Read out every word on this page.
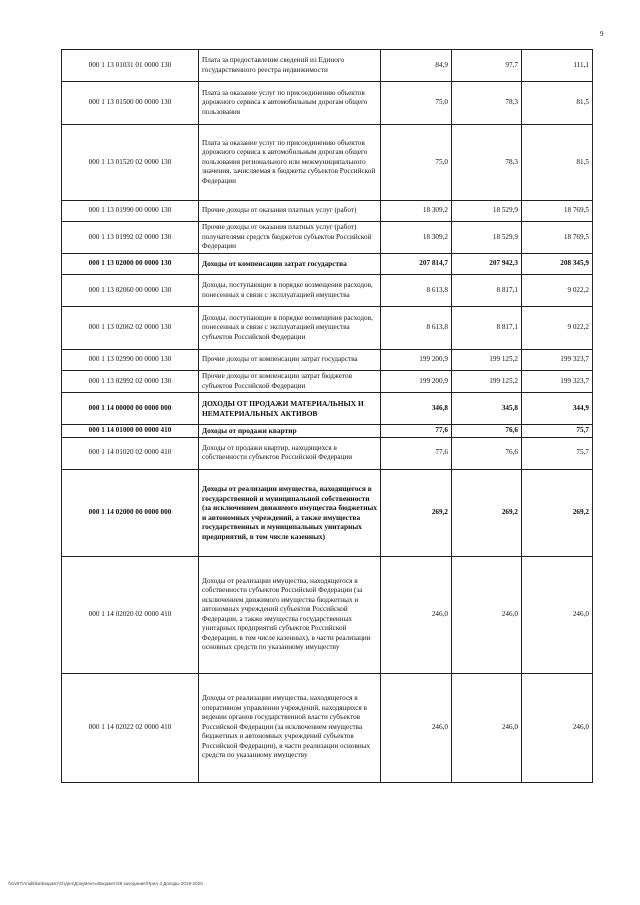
9
000 1 13 01031 01 0000 130	Плата за предоставление сведений из Единого государственного реестра недвижимости	84,9	97,7	111,1
000 1 13 01500 00 0000 130	Плата за оказание услуг по присоединению объектов дорожного сервиса к автомобильным дорогам общего пользования	75,0	78,3	81,5
000 1 13 01520 02 0000 130	Плата за оказание услуг по присоединению объектов дорожного сервиса к автомобильным дорогам общего пользования регионального или межмуниципального значения, зачисляемая в бюджеты субъектов Российской Федерации	75,0	78,3	81,5
000 1 13 01990 00 0000 130	Прочие доходы от оказания платных услуг (работ)	18 309,2	18 529,9	18 769,5
000 1 13 01992 02 0000 130	Прочие доходы от оказания платных услуг (работ) получателями средств бюджетов субъектов Российской Федерации	18 309,2	18 529,9	18 769,5
000 1 13 02000 00 0000 130	Доходы от компенсации затрат государства	207 814,7	207 942,3	208 345,9
000 1 13 02060 00 0000 130	Доходы, поступающие в порядке возмещения расходов, понесенных в связи с эксплуатацией имущества	8 613,8	8 817,1	9 022,2
000 1 13 02062 02 0000 130	Доходы, поступающие в порядке возмещения расходов, понесенных в связи с эксплуатацией имущества субъектов Российской Федерации	8 613,8	8 817,1	9 022,2
000 1 13 02990 00 0000 130	Прочие доходы от компенсации затрат государства	199 200,9	199 125,2	199 323,7
000 1 13 02992 02 0000 130	Прочие доходы от компенсации затрат бюджетов субъектов Российской Федерации	199 200,9	199 125,2	199 323,7
000 1 14 00000 00 0000 000	ДОХОДЫ ОТ ПРОДАЖИ МАТЕРИАЛЬНЫХ И НЕМАТЕРИАЛЬНЫХ АКТИВОВ	346,8	345,8	344,9
000 1 14 01000 00 0000 410	Доходы от продажи квартир	77,6	76,6	75,7
000 1 14 01020 02 0000 410	Доходы от продажи квартир, находящихся в собственности субъектов Российской Федерации	77,6	76,6	75,7
000 1 14 02000 00 0000 000	Доходы от реализации имущества, находящегося в государственной и муниципальной собственности (за исключением движимого имущества бюджетных и автономных учреждений, а также имущества государственных и муниципальных унитарных предприятий, в том числе казенных)	269,2	269,2	269,2
000 1 14 02020 02 0000 410	Доходы от реализации имущества, находящегося в собственности субъектов Российской Федерации (за исключением движимого имущества бюджетных и автономных учреждений субъектов Российской Федерации, а также имущества государственных унитарных предприятий субъектов Российской Федерации, в том числе казенных), в части реализации основных средств по указанному имуществу	246,0	246,0	246,0
000 1 14 02022 02 0000 410	Доходы от реализации имущества, находящегося в оперативном управлении учреждений, находящихся в ведении органов государственной власти субъектов Российской Федерации (за исключением имущества бюджетных и автономных учреждений субъектов Российской Федерации), в части реализации основных средств по указанному имуществу	246,0	246,0	246,0
\\srv07\Analitika\Бюджет\Отдел\Документы\Бюджет\28 заседание\Прил 3 Доходы 2018-2020
